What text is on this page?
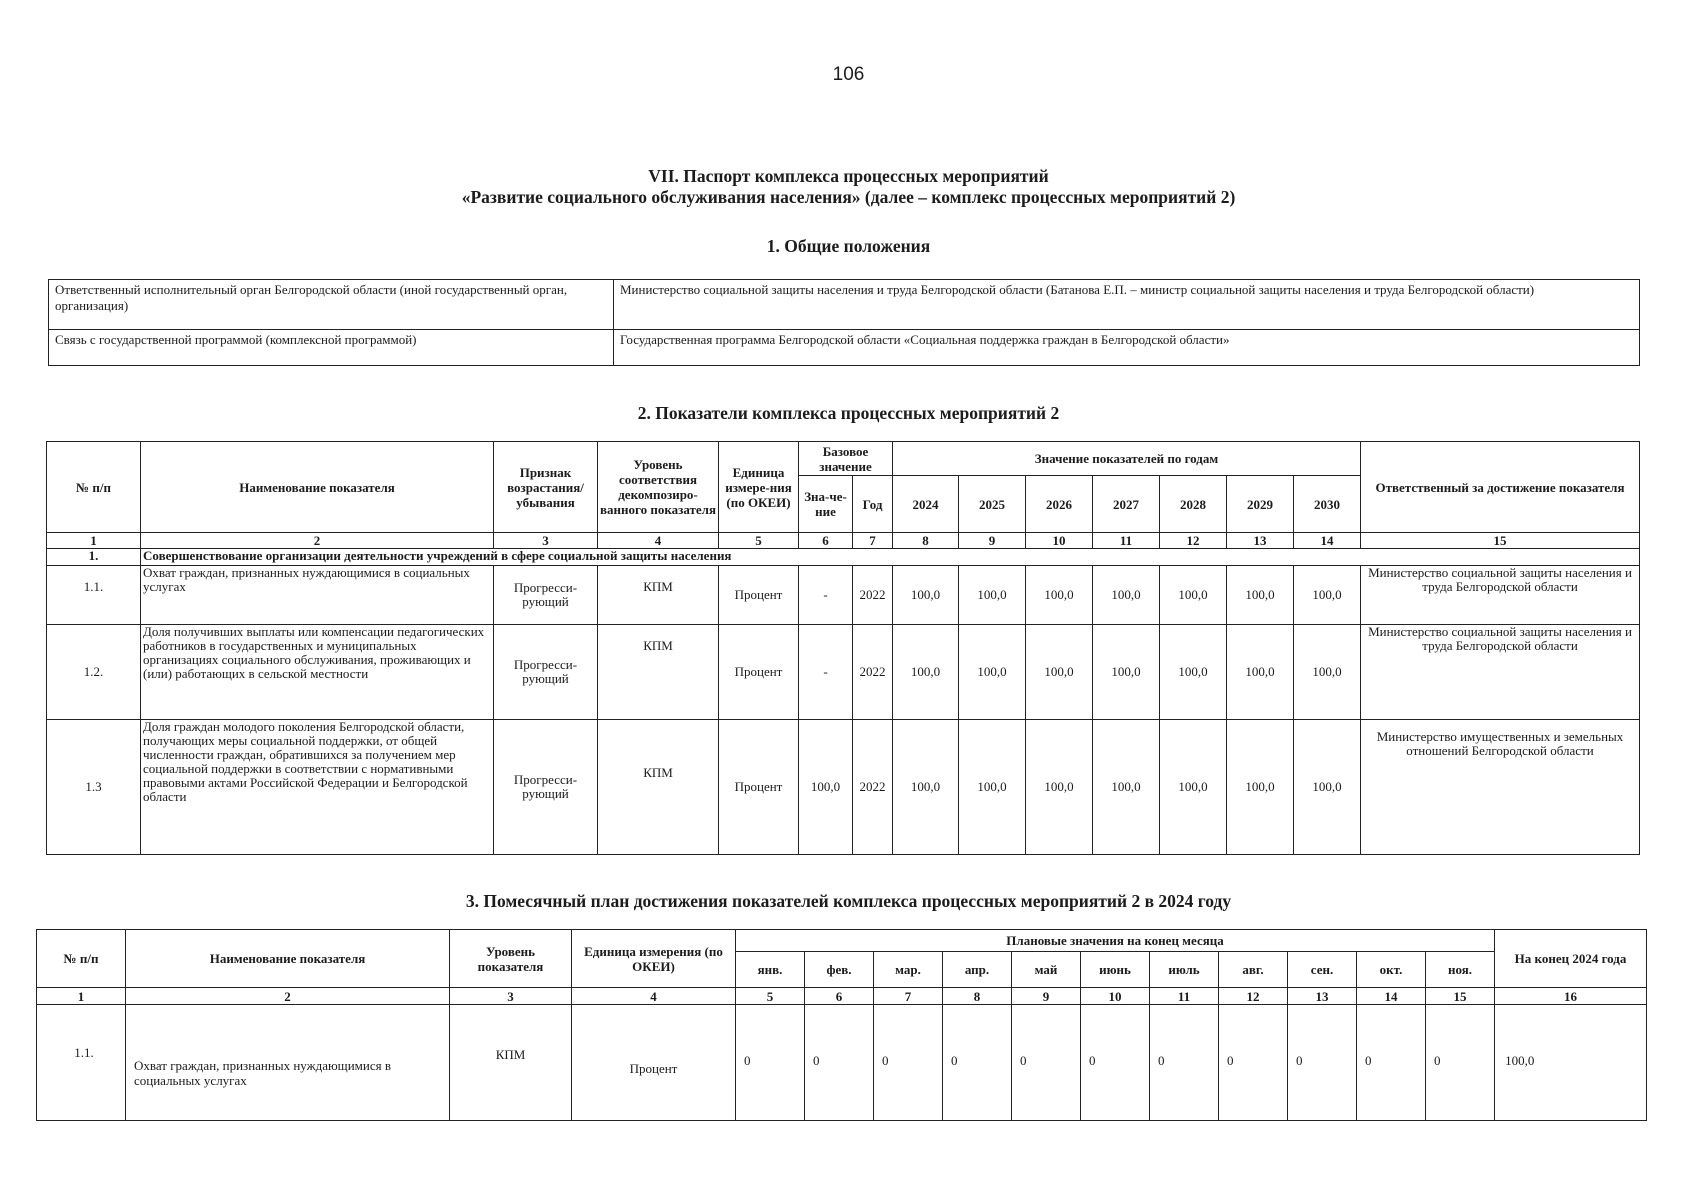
106
VII. Паспорт комплекса процессных мероприятий
«Развитие социального обслуживания населения» (далее – комплекс процессных мероприятий 2)
1. Общие положения
Ответственный исполнительный орган Белгородской области (иной государственный орган, организация)	Министерство социальной защиты населения и труда Белгородской области (Батанова Е.П. – министр социальной защиты населения и труда Белгородской области)
Связь с государственной программой (комплексной программой)	Государственная программа Белгородской области «Социальная поддержка граждан в Белгородской области»
2. Показатели комплекса процессных мероприятий 2
№ п/п	Наименование показателя	Признак возрастания/ убывания	Уровень соответствия декомпозиро-ванного показателя	Единица измере-ния (по ОКЕИ)	Базовое значение		Значение показателей по годам							Ответственный за достижение показателя
					Зна-че-ние	Год	2024	2025	2026	2027	2028	2029	2030	
1	2	3	4	5	6	7	8	9	10	11	12	13	14	15
1.	Совершенствование организации деятельности учреждений в сфере социальной защиты населения													
1.1.	Охват граждан, признанных нуждающимися в социальных услугах	Прогресси-рующий	КПМ	Процент	-	2022	100,0	100,0	100,0	100,0	100,0	100,0	100,0	Министерство социальной защиты населения и труда Белгородской области
1.2.	Доля получивших выплаты или компенсации педагогических работников в государственных и муниципальных организациях социального обслуживания, проживающих и (или) работающих в сельской местности	Прогресси-рующий	КПМ	Процент	-	2022	100,0	100,0	100,0	100,0	100,0	100,0	100,0	Министерство социальной защиты населения и труда Белгородской области
1.3	Доля граждан молодого поколения Белгородской области, получающих меры социальной поддержки, от общей численности граждан, обратившихся за получением мер социальной поддержки в соответствии с нормативными правовыми актами Российской Федерации и Белгородской области	Прогресси-рующий	КПМ	Процент	100,0	2022	100,0	100,0	100,0	100,0	100,0	100,0	100,0	Министерство имущественных и земельных отношений Белгородской области
3. Помесячный план достижения показателей комплекса процессных мероприятий 2 в 2024 году
№ п/п	Наименование показателя	Уровень показателя	Единица измерения (по ОКЕИ)	Плановые значения на конец месяца											На конец 2024 года
				янв.	фев.	мар.	апр.	май	июнь	июль	авг.	сен.	окт.	ноя.	
1	2	3	4	5	6	7	8	9	10	11	12	13	14	15	16
1.1.	Охват граждан, признанных нуждающимися в социальных услугах	КПМ	Процент	0	0	0	0	0	0	0	0	0	0	0	100,0
